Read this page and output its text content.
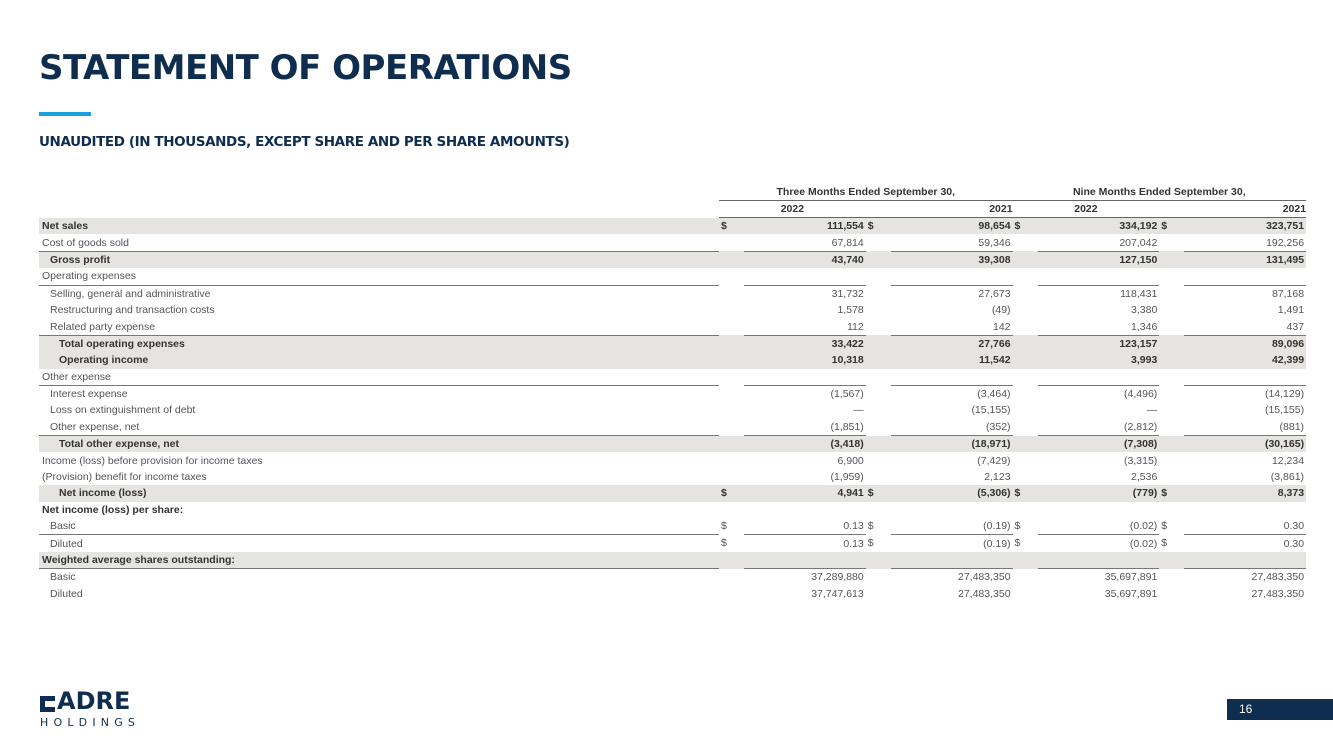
STATEMENT OF OPERATIONS
UNAUDITED (IN THOUSANDS, EXCEPT SHARE AND PER SHARE AMOUNTS)
	Three Months Ended September 30,				Nine Months Ended September 30,			
	2022		2021		2022		2021	
Net sales	$	111,554	$	98,654	$	334,192	$	323,751
Cost of goods sold		67,814		59,346		207,042		192,256
Gross profit		43,740		39,308		127,150		131,495
Operating expenses								
Selling, general and administrative		31,732		27,673		118,431		87,168
Restructuring and transaction costs		1,578		(49)		3,380		1,491
Related party expense		112		142		1,346		437
Total operating expenses		33,422		27,766		123,157		89,096
Operating income		10,318		11,542		3,993		42,399
Other expense								
Interest expense		(1,567)		(3,464)		(4,496)		(14,129)
Loss on extinguishment of debt		—		(15,155)		—		(15,155)
Other expense, net		(1,851)		(352)		(2,812)		(881)
Total other expense, net		(3,418)		(18,971)		(7,308)		(30,165)
Income (loss) before provision for income taxes		6,900		(7,429)		(3,315)		12,234
(Provision) benefit for income taxes		(1,959)		2,123		2,536		(3,861)
Net income (loss)	$	4,941	$	(5,306)	$	(779)	$	8,373
Net income (loss) per share:								
Basic	$	0.13	$	(0.19)	$	(0.02)	$	0.30
Diluted	$	0.13	$	(0.19)	$	(0.02)	$	0.30
Weighted average shares outstanding:								
Basic		37,289,880		27,483,350		35,697,891		27,483,350
Diluted		37,747,613		27,483,350		35,697,891		27,483,350
ADRE
HOLDINGS
16
